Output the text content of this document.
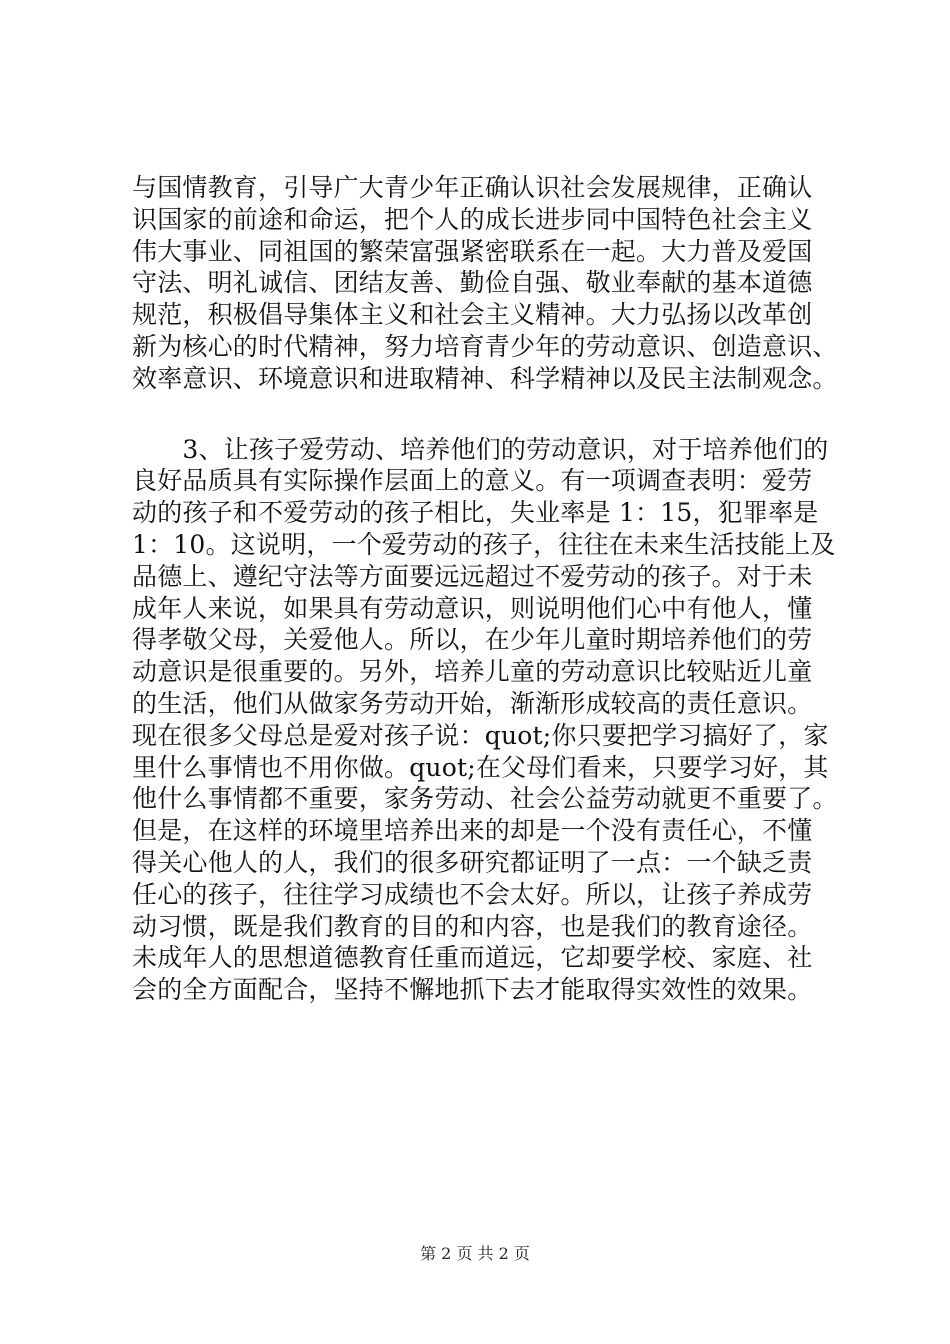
与国情教育，引导广大青少年正确认识社会发展规律，正确认
识国家的前途和命运，把个人的成长进步同中国特色社会主义
伟大事业、同祖国的繁荣富强紧密联系在一起。大力普及爱国
守法、明礼诚信、团结友善、勤俭自强、敬业奉献的基本道德
规范，积极倡导集体主义和社会主义精神。大力弘扬以改革创
新为核心的时代精神，努力培育青少年的劳动意识、创造意识、
效率意识、环境意识和进取精神、科学精神以及民主法制观念。
　　3、让孩子爱劳动、培养他们的劳动意识，对于培养他们的
良好品质具有实际操作层面上的意义。有一项调查表明：爱劳
动的孩子和不爱劳动的孩子相比，失业率是 1：15，犯罪率是
1：10。这说明，一个爱劳动的孩子，往往在未来生活技能上及
品德上、遵纪守法等方面要远远超过不爱劳动的孩子。对于未
成年人来说，如果具有劳动意识，则说明他们心中有他人，懂
得孝敬父母，关爱他人。所以，在少年儿童时期培养他们的劳
动意识是很重要的。另外，培养儿童的劳动意识比较贴近儿童
的生活，他们从做家务劳动开始，渐渐形成较高的责任意识。
现在很多父母总是爱对孩子说：quot;你只要把学习搞好了，家
里什么事情也不用你做。quot;在父母们看来，只要学习好，其
他什么事情都不重要，家务劳动、社会公益劳动就更不重要了。
但是，在这样的环境里培养出来的却是一个没有责任心，不懂
得关心他人的人，我们的很多研究都证明了一点：一个缺乏责
任心的孩子，往往学习成绩也不会太好。所以，让孩子养成劳
动习惯，既是我们教育的目的和内容，也是我们的教育途径。
未成年人的思想道德教育任重而道远，它却要学校、家庭、社
会的全方面配合，坚持不懈地抓下去才能取得实效性的效果。
第 2 页 共 2 页
